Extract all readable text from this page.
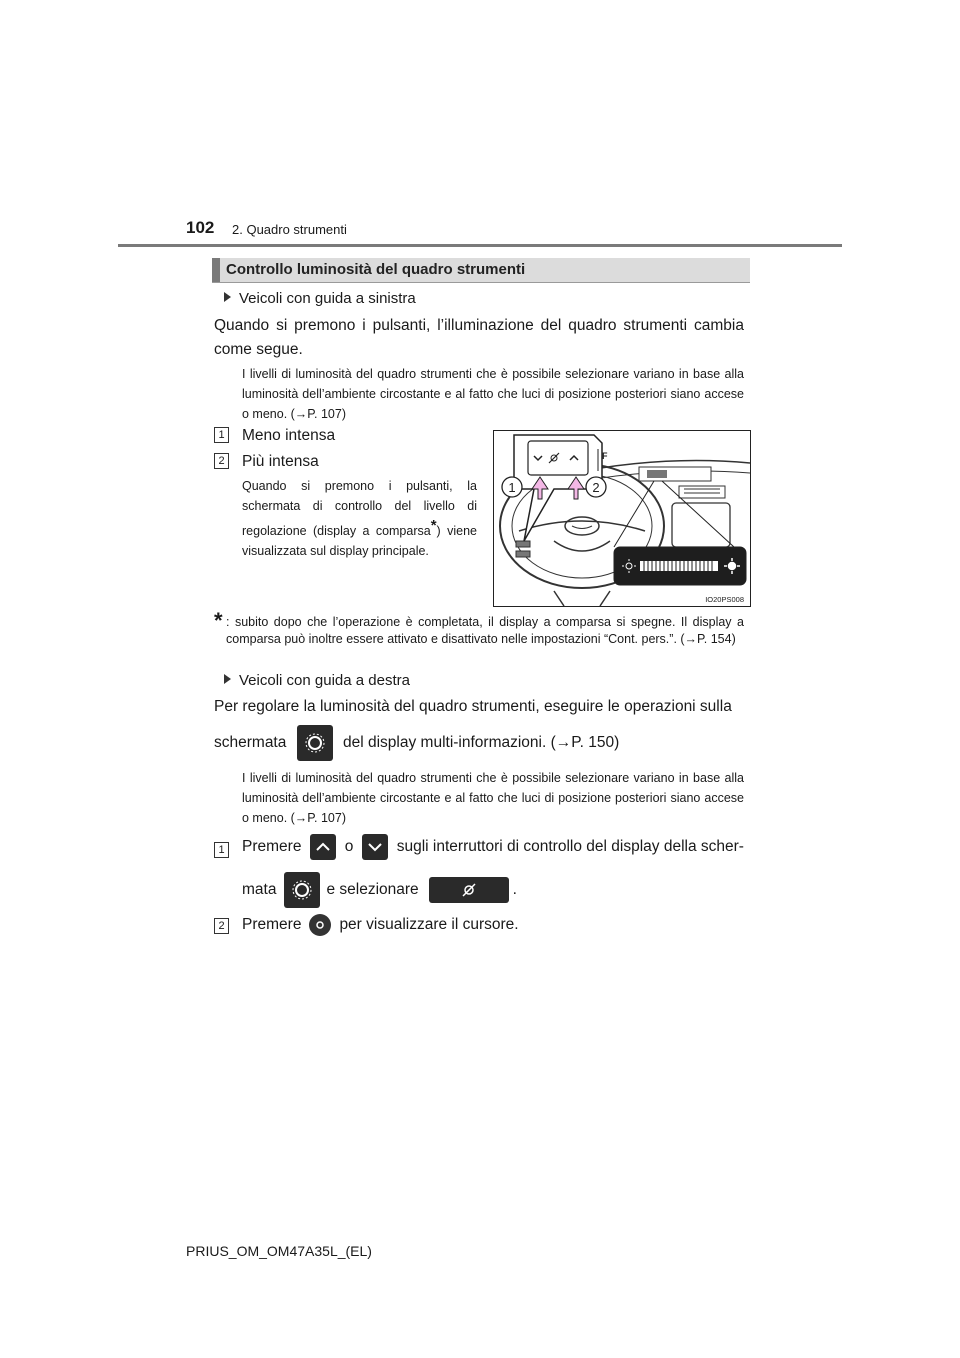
102 2. Quadro strumenti
Controllo luminosità del quadro strumenti
Veicoli con guida a sinistra
Quando si premono i pulsanti, l’illuminazione del quadro strumenti cambia come segue.
I livelli di luminosità del quadro strumenti che è possibile selezionare variano in base alla luminosità dell’ambiente circostante e al fatto che luci di posizione posteriori siano accese o meno. (→P. 107)
1 Meno intensa
2 Più intensa
Quando si premono i pulsanti, la schermata di controllo del livello di regolazione (display a comparsa*) viene visualizzata sul display principale.
F
1	2
IO20PS008
* : subito dopo che l’operazione è completata, il display a comparsa si spegne. Il display a comparsa può inoltre essere attivato e disattivato nelle impostazioni “Cont. pers.”. (→P. 154)
Veicoli con guida a destra
Per regolare la luminosità del quadro strumenti, eseguire le operazioni sulla
schermata	del display multi-informazioni. (→P. 150)
I livelli di luminosità del quadro strumenti che è possibile selezionare variano in base alla luminosità dell’ambiente circostante e al fatto che luci di posizione posteriori siano accese o meno. (→P. 107)
1 Premere	o	sugli interruttori di controllo del display della scher-
mata	e selezionare	.
2 Premere per visualizzare il cursore.
PRIUS_OM_OM47A35L_(EL)
